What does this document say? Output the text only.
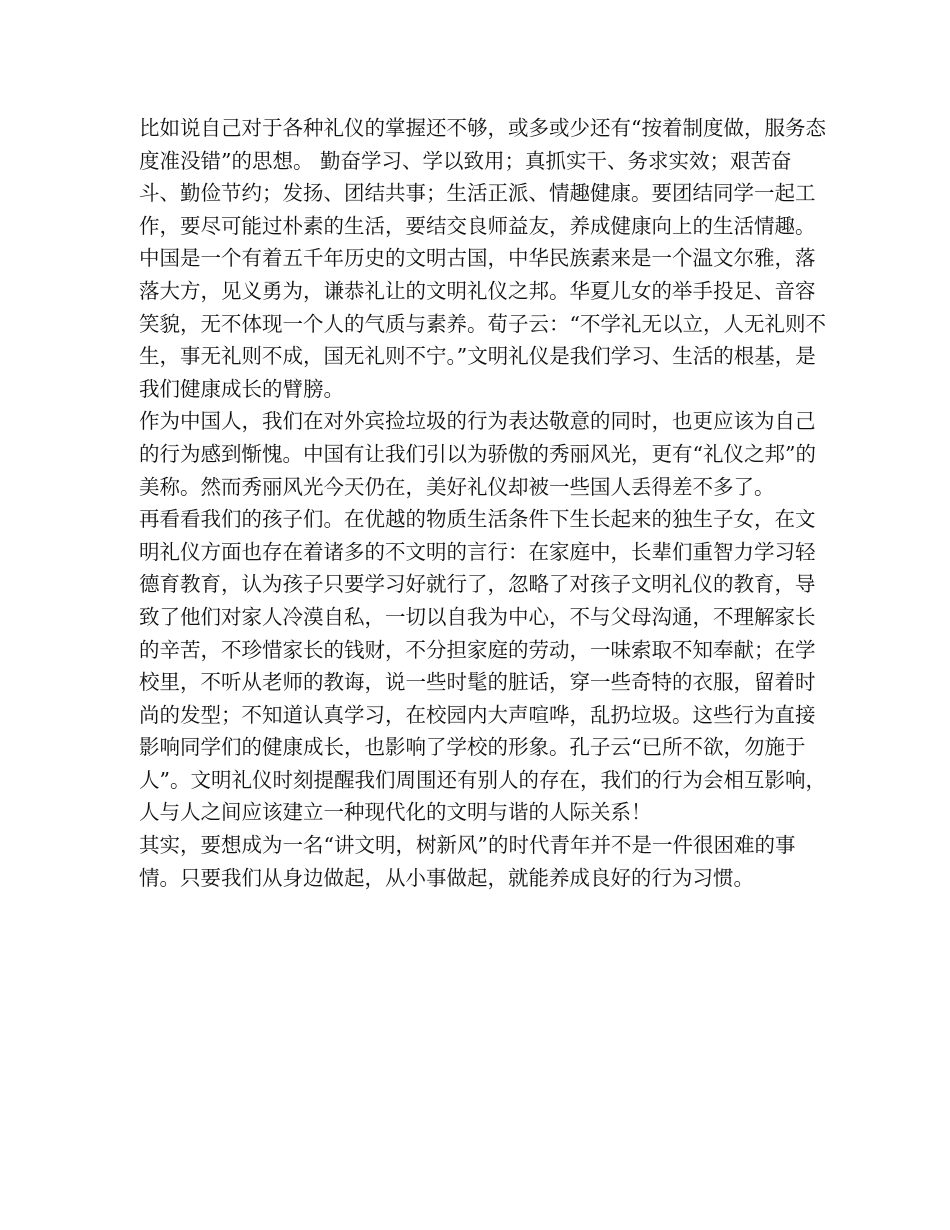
比如说自己对于各种礼仪的掌握还不够，或多或少还有“按着制度做，服务态度准没错”的思想。 勤奋学习、学以致用；真抓实干、务求实效；艰苦奋斗、勤俭节约；发扬、团结共事；生活正派、情趣健康。要团结同学一起工作，要尽可能过朴素的生活，要结交良师益友，养成健康向上的生活情趣。

中国是一个有着五千年历史的文明古国，中华民族素来是一个温文尔雅，落落大方，见义勇为，谦恭礼让的文明礼仪之邦。华夏儿女的举手投足、音容笑貌，无不体现一个人的气质与素养。荀子云：“不学礼无以立，人无礼则不生，事无礼则不成，国无礼则不宁。”文明礼仪是我们学习、生活的根基，是我们健康成长的臂膀。

作为中国人，我们在对外宾捡垃圾的行为表达敬意的同时，也更应该为自己的行为感到惭愧。中国有让我们引以为骄傲的秀丽风光，更有“礼仪之邦”的美称。然而秀丽风光今天仍在，美好礼仪却被一些国人丢得差不多了。

再看看我们的孩子们。在优越的物质生活条件下生长起来的独生子女，在文明礼仪方面也存在着诸多的不文明的言行：在家庭中，长辈们重智力学习轻德育教育，认为孩子只要学习好就行了，忽略了对孩子文明礼仪的教育，导致了他们对家人冷漠自私，一切以自我为中心，不与父母沟通，不理解家长的辛苦，不珍惜家长的钱财，不分担家庭的劳动，一味索取不知奉献；在学校里，不听从老师的教诲，说一些时髦的脏话，穿一些奇特的衣服，留着时尚的发型；不知道认真学习，在校园内大声喧哗，乱扔垃圾。这些行为直接影响同学们的健康成长，也影响了学校的形象。孔子云“已所不欲，勿施于人”。文明礼仪时刻提醒我们周围还有别人的存在，我们的行为会相互影响，人与人之间应该建立一种现代化的文明与谐的人际关系！

其实，要想成为一名“讲文明，树新风”的时代青年并不是一件很困难的事情。只要我们从身边做起，从小事做起，就能养成良好的行为习惯。
